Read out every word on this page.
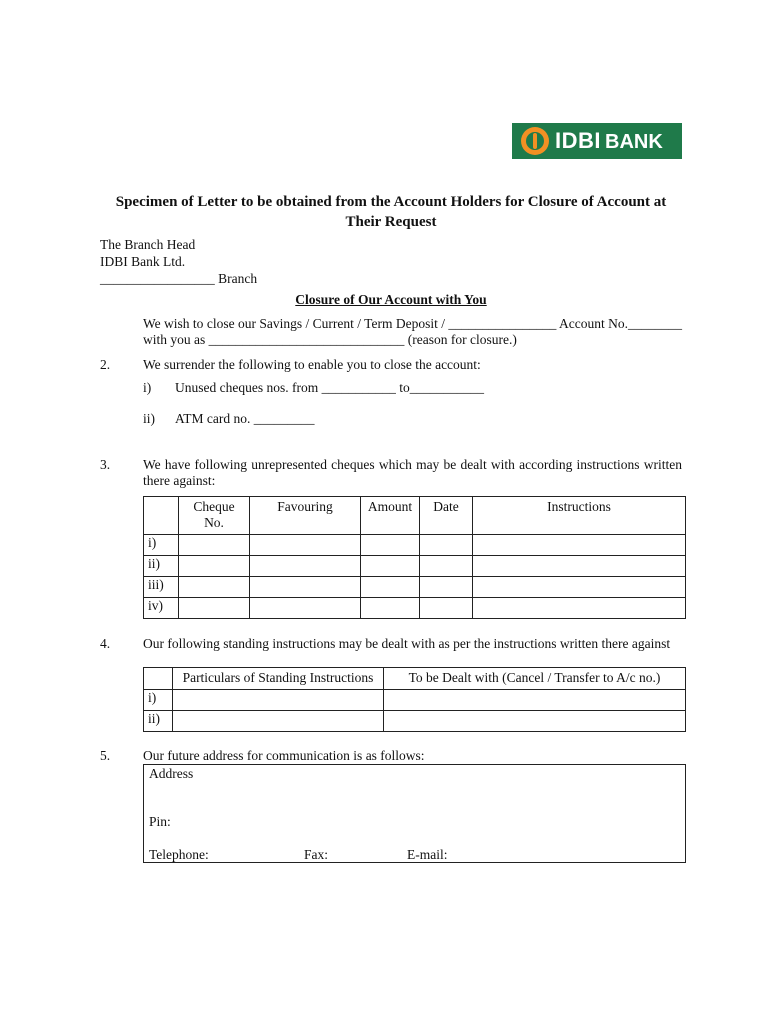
IDBI BANK
Specimen of Letter to be obtained from the Account Holders for Closure of Account at Their Request
The Branch Head
IDBI Bank Ltd.
_________________ Branch
Closure of Our Account with You
We wish to close our Savings / Current / Term Deposit / ________________ Account No.________ with you as _____________________________ (reason for closure.)
2. We surrender the following to enable you to close the account:
i) Unused cheques nos. from ___________ to___________
ii) ATM card no. _________
3. We have following unrepresented cheques which may be dealt with according instructions written there against:
	Cheque No.	Favouring	Amount	Date	Instructions
i)					
ii)					
iii)					
iv)					
4. Our following standing instructions may be dealt with as per the instructions written there against
	Particulars of Standing Instructions	To be Dealt with (Cancel / Transfer to A/c no.)
i)		
ii)		
5. Our future address for communication is as follows:
Address
Pin:
Telephone:	Fax:	E-mail:
